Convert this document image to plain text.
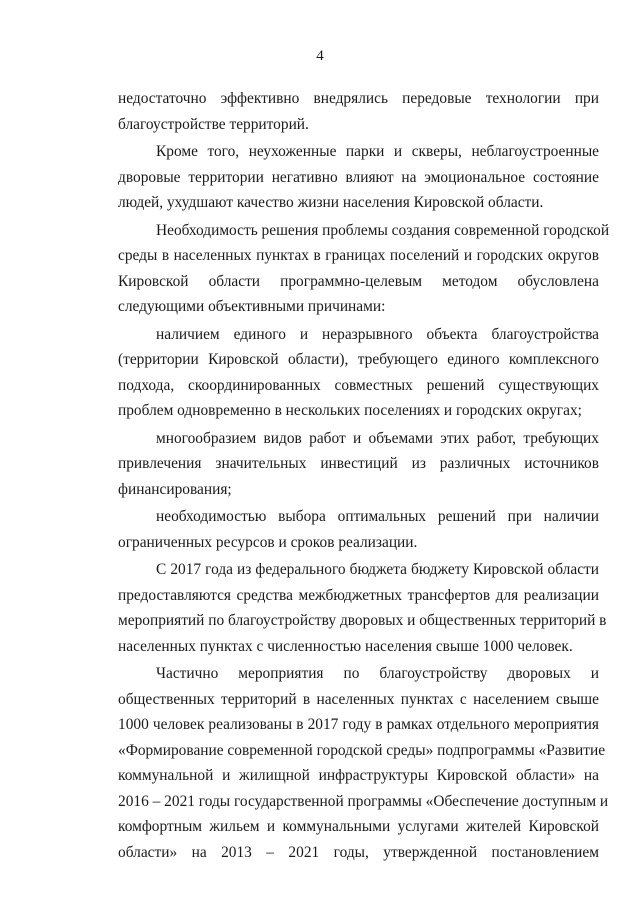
4

недостаточно эффективно внедрялись передовые технологии при
благоустройстве территорий.

Кроме того, неухоженные парки и скверы, неблагоустроенные
дворовые территории негативно влияют на эмоциональное состояние
людей, ухудшают качество жизни населения Кировской области.

Необходимость решения проблемы создания современной городской
среды в населенных пунктах в границах поселений и городских округов
Кировской области программно-целевым методом обусловлена
следующими объективными причинами:

наличием единого и неразрывного объекта благоустройства
(территории Кировской области), требующего единого комплексного
подхода, скоординированных совместных решений существующих
проблем одновременно в нескольких поселениях и городских округах;

многообразием видов работ и объемами этих работ, требующих
привлечения значительных инвестиций из различных источников
финансирования;

необходимостью выбора оптимальных решений при наличии
ограниченных ресурсов и сроков реализации.

С 2017 года из федерального бюджета бюджету Кировской области
предоставляются средства межбюджетных трансфертов для реализации
мероприятий по благоустройству дворовых и общественных территорий в
населенных пунктах с численностью населения свыше 1000 человек.

Частично мероприятия по благоустройству дворовых и
общественных территорий в населенных пунктах с населением свыше
1000 человек реализованы в 2017 году в рамках отдельного мероприятия
«Формирование современной городской среды» подпрограммы «Развитие
коммунальной и жилищной инфраструктуры Кировской области» на
2016 – 2021 годы государственной программы «Обеспечение доступным и
комфортным жильем и коммунальными услугами жителей Кировской
области» на 2013 – 2021 годы, утвержденной постановлением
